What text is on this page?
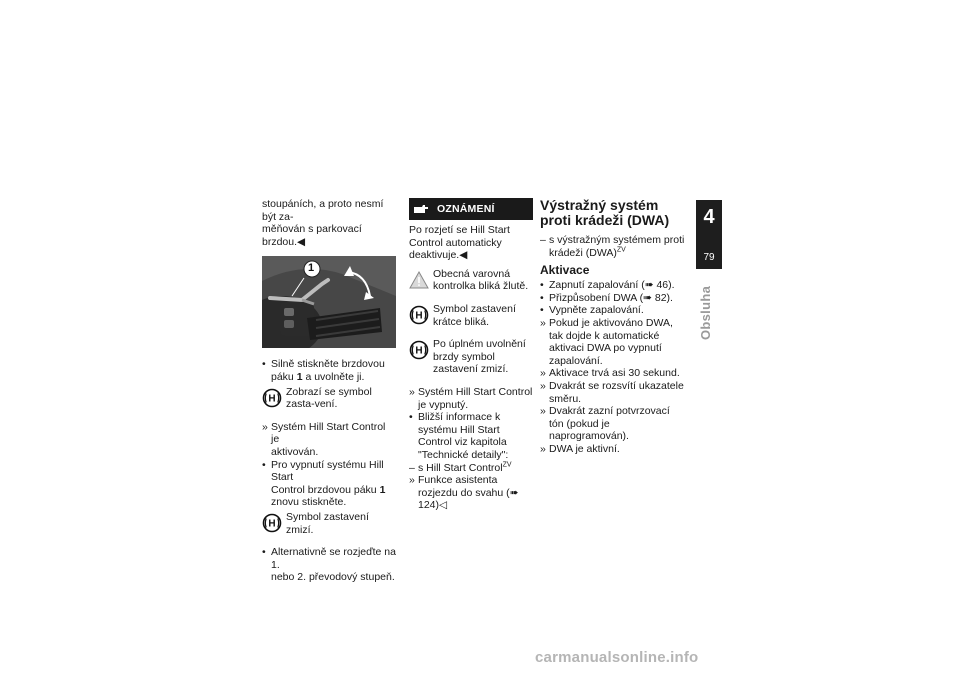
stoupáních, a proto nesmí být za-
měňován s parkovací brzdou.◀

1

• Silně stiskněte brzdovou
páku 1 a uvolněte ji.

H
Zobrazí se symbol zasta-vení.

» Systém Hill Start Control je
aktivován.

• Pro vypnutí systému Hill Start
Control brzdovou páku 1 znovu stiskněte.

H
Symbol zastavení zmizí.

• Alternativně se rozjeďte na 1.
nebo 2. převodový stupeň.

OZNÁMENÍ

Po rozjetí se Hill Start Control automaticky deaktivuje.◀

Obecná varovná kontrolka bliká žlutě.
H
Symbol zastavení krátce bliká.
H
Po úplném uvolnění brzdy symbol zastavení zmizí.

» Systém Hill Start Control je vypnutý.

• Bližší informace k systému Hill Start Control viz kapitola "Technické detaily":

– s Hill Start Control$^{ZV}$

» Funkce asistenta rozjezdu do svahu (➠ 124)◁

Výstražný systém proti krádeži (DWA)

– s výstražným systémem proti krádeži (DWA)$^{ZV}$

Aktivace

• Zapnutí zapalování (➠ 46).

• Přizpůsobení DWA (➠ 82).

• Vypněte zapalování.

» Pokud je aktivováno DWA, tak dojde k automatické aktivaci DWA po vypnutí zapalování.

» Aktivace trvá asi 30 sekund.

» Dvakrát se rozsvítí ukazatele směru.

» Dvakrát zazní potvrzovací tón (pokud je naprogramován).

» DWA je aktivní.

4
79
Obsluha
carmanualsonline.info
